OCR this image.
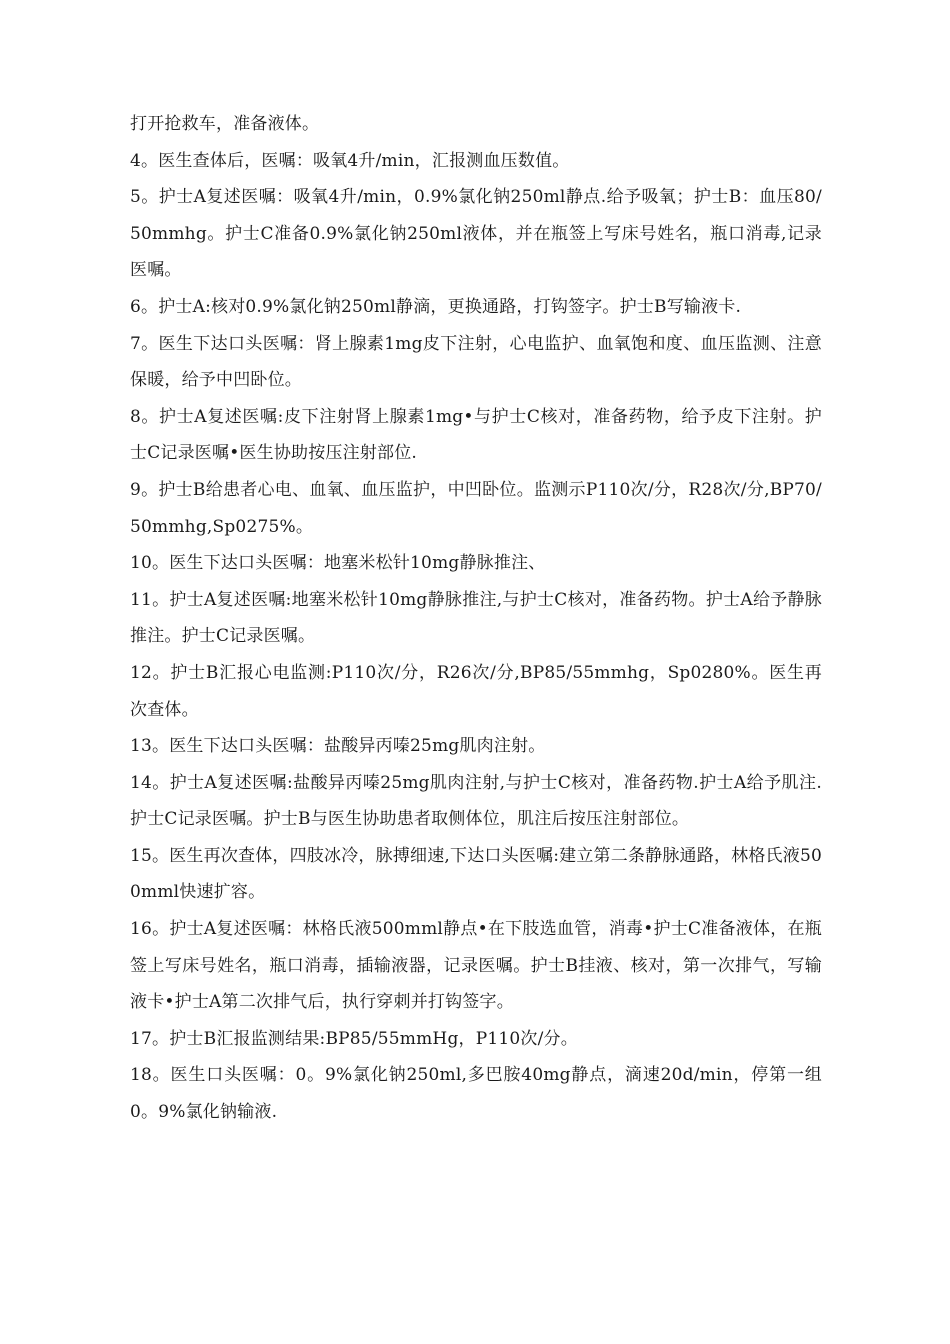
打开抢救车，准备液体。

4。医生查体后，医嘱：吸氧4升/min，汇报测血压数值。

5。护士A复述医嘱：吸氧4升/min，0.9%氯化钠250ml静点.给予吸氧；护士B：血压80/50mmhg。护士C准备0.9%氯化钠250ml液体，并在瓶签上写床号姓名，瓶口消毒,记录医嘱。

6。护士A:核对0.9%氯化钠250ml静滴，更换通路，打钩签字。护士B写输液卡.

7。医生下达口头医嘱：肾上腺素1mg皮下注射，心电监护、血氧饱和度、血压监测、注意保暖，给予中凹卧位。

8。护士A复述医嘱:皮下注射肾上腺素1mg•与护士C核对，准备药物，给予皮下注射。护士C记录医嘱•医生协助按压注射部位.

9。护士B给患者心电、血氧、血压监护，中凹卧位。监测示P110次/分，R28次/分,BP70/50mmhg,Sp0275%。

10。医生下达口头医嘱：地塞米松针10mg静脉推注、

11。护士A复述医嘱:地塞米松针10mg静脉推注,与护士C核对，准备药物。护士A给予静脉推注。护士C记录医嘱。

12。护士B汇报心电监测:P110次/分，R26次/分,BP85/55mmhg，Sp0280%。医生再次查体。

13。医生下达口头医嘱：盐酸异丙嗪25mg肌肉注射。

14。护士A复述医嘱:盐酸异丙嗪25mg肌肉注射,与护士C核对，准备药物.护士A给予肌注.护士C记录医嘱。护士B与医生协助患者取侧体位，肌注后按压注射部位。

15。医生再次查体，四肢冰冷，脉搏细速,下达口头医嘱:建立第二条静脉通路，林格氏液500mml快速扩容。

16。护士A复述医嘱：林格氏液500mml静点•在下肢选血管，消毒•护士C准备液体，在瓶签上写床号姓名，瓶口消毒，插输液器，记录医嘱。护士B挂液、核对，第一次排气，写输液卡•护士A第二次排气后，执行穿刺并打钩签字。

17。护士B汇报监测结果:BP85/55mmHg，P110次/分。

18。医生口头医嘱：0。9%氯化钠250ml,多巴胺40mg静点，滴速20d/min，停第一组0。9%氯化钠输液.
